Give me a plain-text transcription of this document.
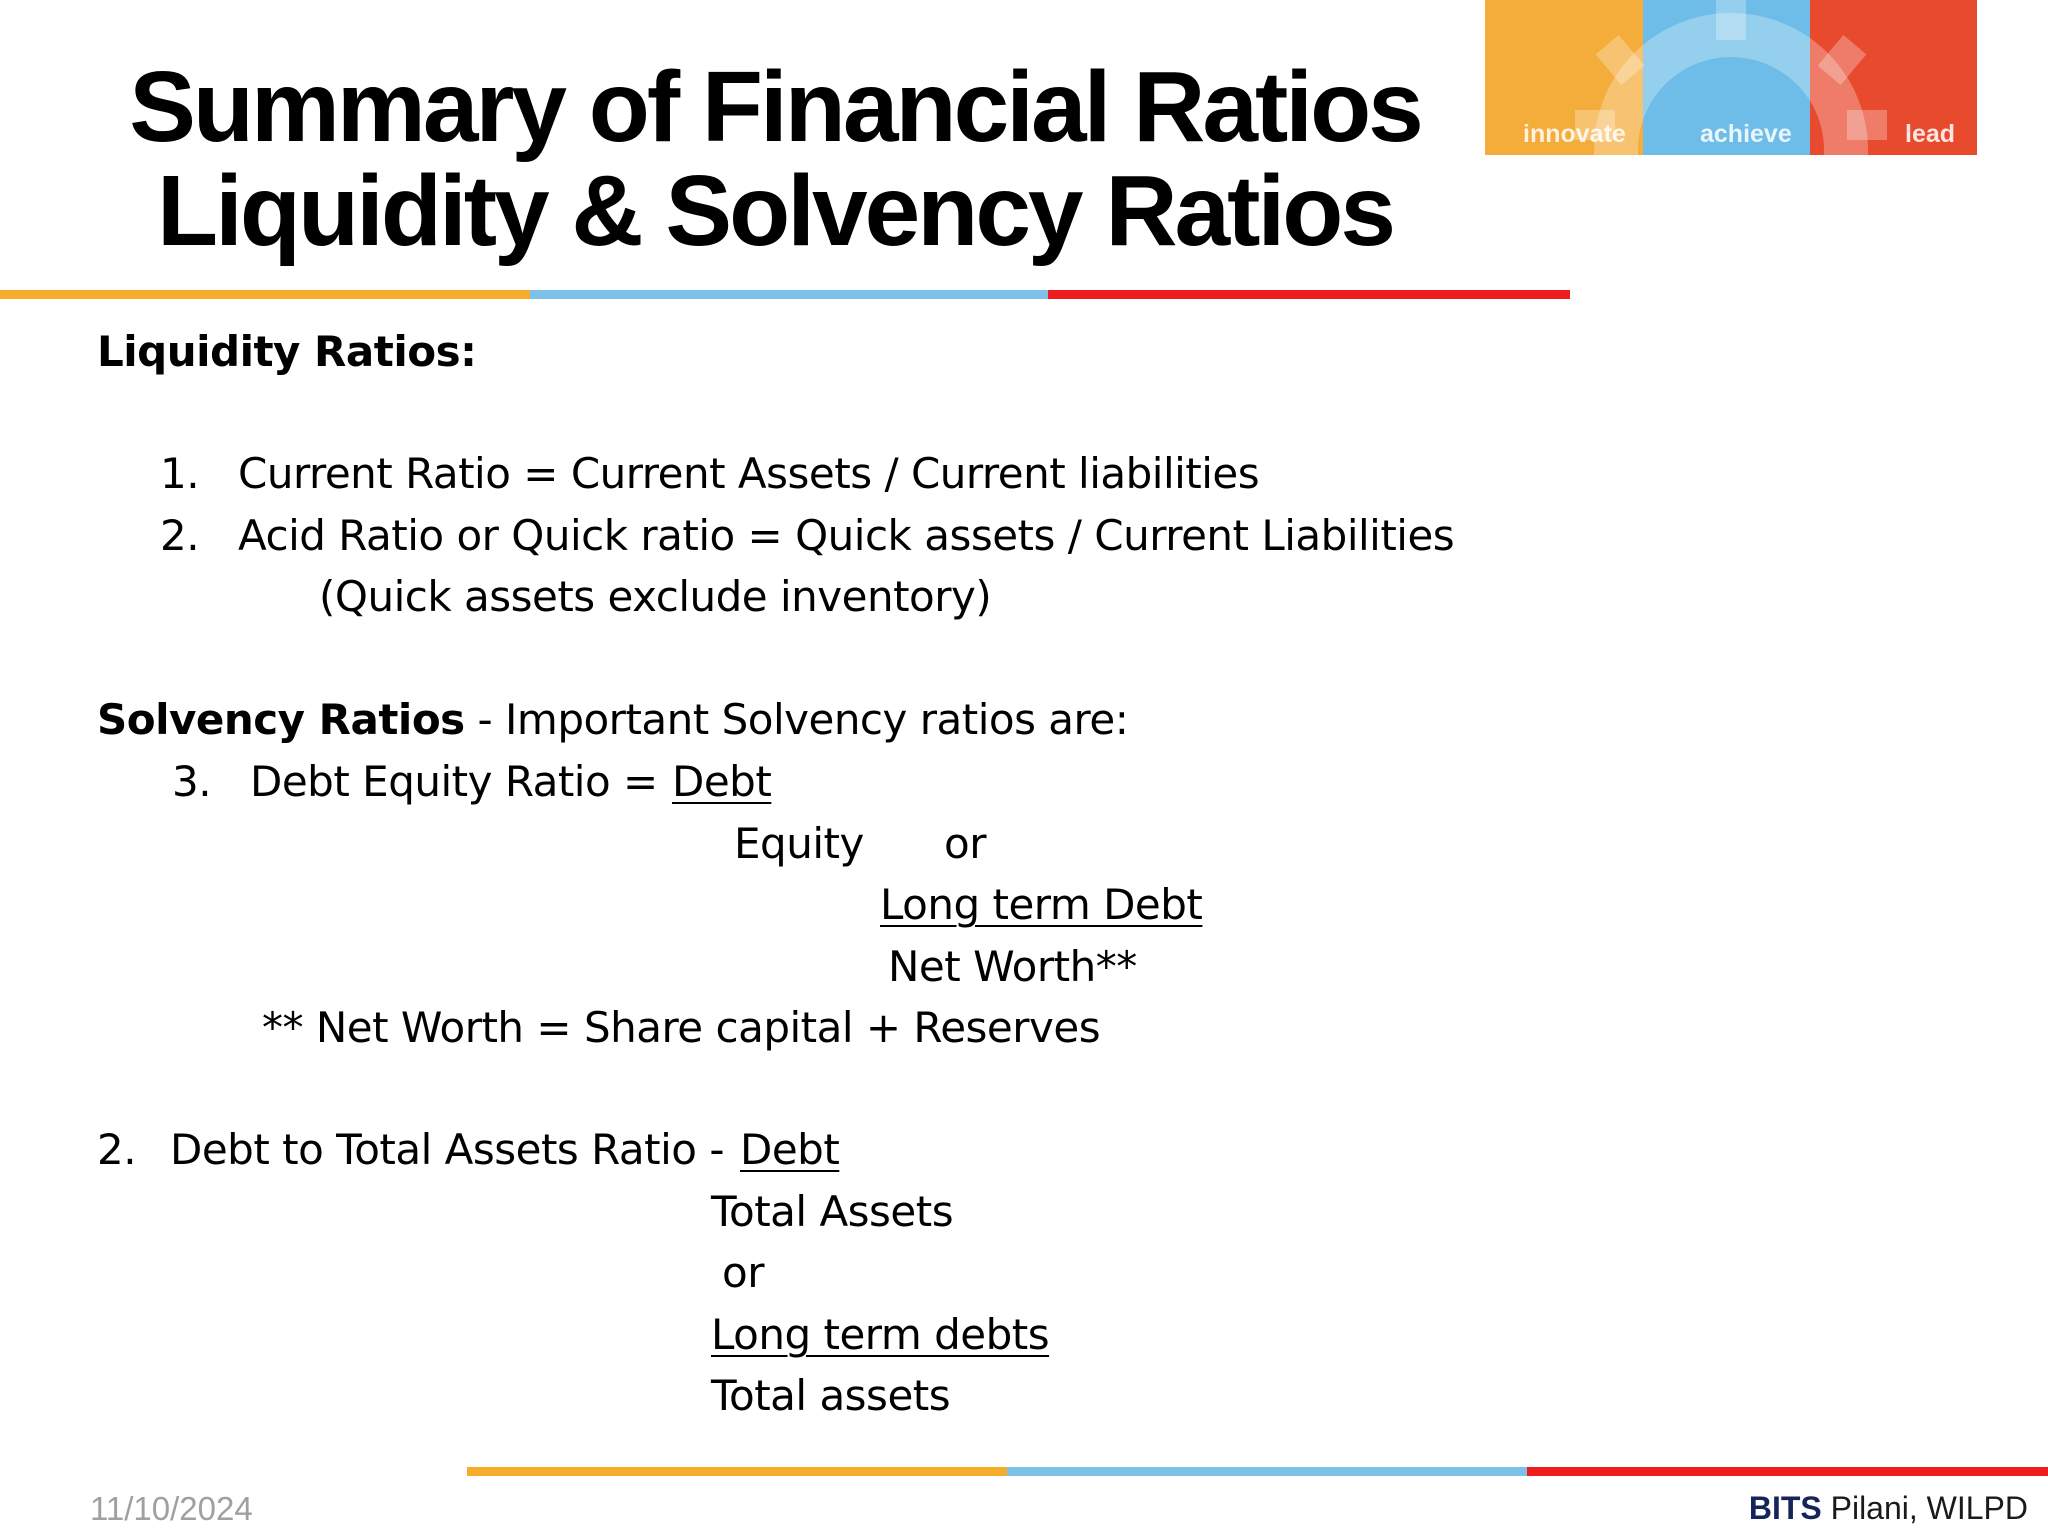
Summary of Financial Ratios
Liquidity & Solvency Ratios
innovate	achieve	lead
Liquidity Ratios:
1. Current Ratio = Current Assets / Current liabilities
2. Acid Ratio or Quick ratio = Quick assets / Current Liabilities
(Quick assets exclude inventory)
Solvency Ratios - Important Solvency ratios are:
3. Debt Equity Ratio = Debt
Equity or
Long term Debt
Net Worth**
** Net Worth = Share capital + Reserves
2. Debt to Total Assets Ratio - Debt
Total Assets
or
Long term debts
Total assets
11/10/2024	BITS Pilani, WILPD
